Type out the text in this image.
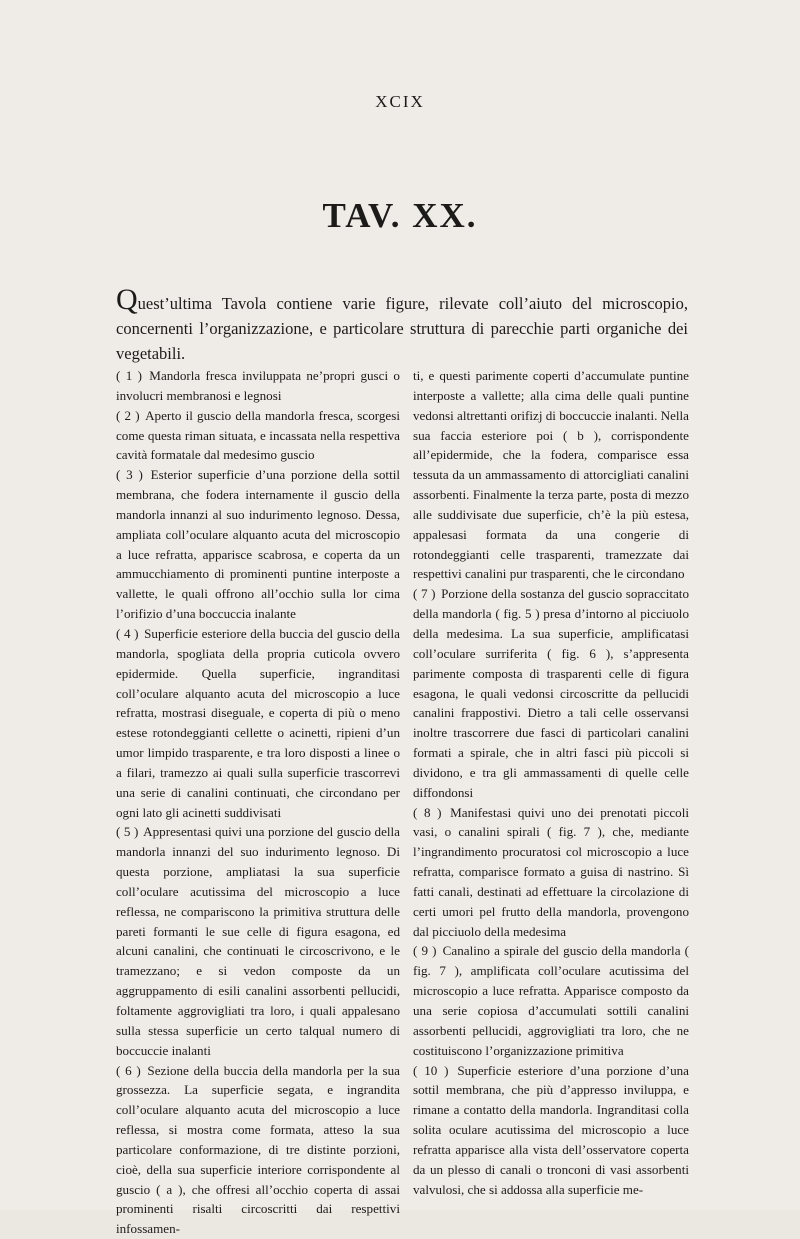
XCIX
TAV. XX.
Quest’ultima Tavola contiene varie figure, rilevate coll’aiuto del microscopio, concernenti l’organizzazione, e particolare struttura di parecchie parti organiche dei vegetabili.

( 1 ) Mandorla fresca inviluppata ne’propri gusci o involucri membranosi e legnosi

( 2 ) Aperto il guscio della mandorla fresca, scorgesi come questa riman situata, e incassata nella respettiva cavità formatale dal medesimo guscio

( 3 ) Esterior superficie d’una porzione della sottil membrana, che fodera internamente il guscio della mandorla innanzi al suo indurimento legnoso. Dessa, ampliata coll’oculare alquanto acuta del microscopio a luce refratta, apparisce scabrosa, e coperta da un ammucchiamento di prominenti puntine interposte a vallette, le quali offrono all’occhio sulla lor cima l’orifizio d’una boccuccia inalante

( 4 ) Superficie esteriore della buccia del guscio della mandorla, spogliata della propria cuticola ovvero epidermide. Quella superficie, ingranditasi coll’oculare alquanto acuta del microscopio a luce refratta, mostrasi diseguale, e coperta di più o meno estese rotondeggianti cellette o acinetti, ripieni d’un umor limpido trasparente, e tra loro disposti a linee o a filari, tramezzo ai quali sulla superficie trascorrevi una serie di canalini continuati, che circondano per ogni lato gli acinetti suddivisati

( 5 ) Appresentasi quivi una porzione del guscio della mandorla innanzi del suo indurimento legnoso. Di questa porzione, ampliatasi la sua superficie coll’oculare acutissima del microscopio a luce reflessa, ne compariscono la primitiva struttura delle pareti formanti le sue celle di figura esagona, ed alcuni canalini, che continuati le circoscrivono, e le tramezzano; e si vedon composte da un aggruppamento di esili canalini assorbenti pellucidi, foltamente aggrovigliati tra loro, i quali appalesano sulla stessa superficie un certo talqual numero di boccuccie inalanti

( 6 ) Sezione della buccia della mandorla per la sua grossezza. La superficie segata, e ingrandita coll’oculare alquanto acuta del microscopio a luce reflessa, si mostra come formata, atteso la sua particolare conformazione, di tre distinte porzioni, cioè, della sua superficie interiore corrispondente al guscio ( a ), che offresi all’occhio coperta di assai prominenti risalti circoscritti dai respettivi infossamen-

ti, e questi parimente coperti d’accumulate puntine interposte a vallette; alla cima delle quali puntine vedonsi altrettanti orifizj di boccuccie inalanti. Nella sua faccia esteriore poi ( b ), corrispondente all’epidermide, che la fodera, comparisce essa tessuta da un ammassamento di attorcigliati canalini assorbenti. Finalmente la terza parte, posta di mezzo alle suddivisate due superficie, ch’è la più estesa, appalesasi formata da una congerie di rotondeggianti celle trasparenti, tramezzate dai respettivi canalini pur trasparenti, che le circondano

( 7 ) Porzione della sostanza del guscio sopraccitato della mandorla ( fig. 5 ) presa d’intorno al picciuolo della medesima. La sua superficie, amplificatasi coll’oculare surriferita ( fig. 6 ), s’appresenta parimente composta di trasparenti celle di figura esagona, le quali vedonsi circoscritte da pellucidi canalini frappostivi. Dietro a tali celle osservansi inoltre trascorrere due fasci di particolari canalini formati a spirale, che in altri fasci più piccoli si dividono, e tra gli ammassamenti di quelle celle diffondonsi

( 8 ) Manifestasi quivi uno dei prenotati piccoli vasi, o canalini spirali ( fig. 7 ), che, mediante l’ingrandimento procuratosi col microscopio a luce refratta, comparisce formato a guisa di nastrino. Sì fatti canali, destinati ad effettuare la circolazione di certi umori pel frutto della mandorla, provengono dal picciuolo della medesima

( 9 ) Canalino a spirale del guscio della mandorla ( fig. 7 ), amplificata coll’oculare acutissima del microscopio a luce refratta. Apparisce composto da una serie copiosa d’accumulati sottili canalini assorbenti pellucidi, aggrovigliati tra loro, che ne costituiscono l’organizzazione primitiva

( 10 ) Superficie esteriore d’una porzione d’una sottil membrana, che più d’appresso inviluppa, e rimane a contatto della mandorla. Ingranditasi colla solita oculare acutissima del microscopio a luce refratta apparisce alla vista dell’osservatore coperta da un plesso di canali o tronconi di vasi assorbenti valvulosi, che si addossa alla superficie me-
